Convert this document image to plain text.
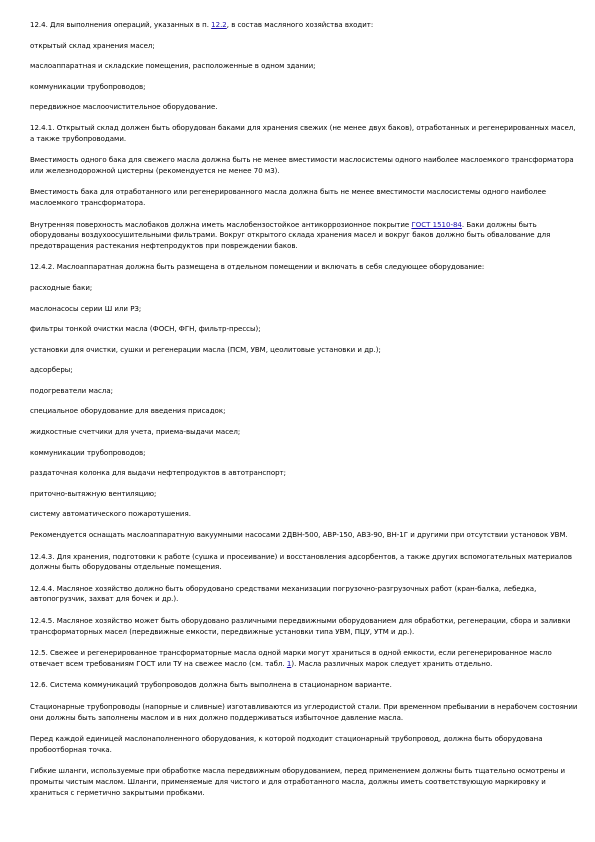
12.4. Для выполнения операций, указанных в п. 12.2, в состав масляного хозяйства входит:

открытый склад хранения масел;

маслоаппаратная и складские помещения, расположенные в одном здании;

коммуникации трубопроводов;

передвижное маслоочистительное оборудование.

12.4.1. Открытый склад должен быть оборудован баками для хранения свежих (не менее двух баков), отработанных и регенерированных масел, а также трубопроводами.

Вместимость одного бака для свежего масла должна быть не менее вместимости маслосистемы одного наиболее маслоемкого трансформатора или железнодорожной цистерны (рекомендуется не менее 70 м3).

Вместимость бака для отработанного или регенерированного масла должна быть не менее вместимости маслосистемы одного наиболее маслоемкого трансформатора.

Внутренняя поверхность маслобаков должна иметь маслобензостойкое антикоррозионное покрытие ГОСТ 1510-84. Баки должны быть оборудованы воздухоосушительными фильтрами. Вокруг открытого склада хранения масел и вокруг баков должно быть обвалование для предотвращения растекания нефтепродуктов при повреждении баков.

12.4.2. Маслоаппаратная должна быть размещена в отдельном помещении и включать в себя следующее оборудование:

расходные баки;

маслонасосы серии Ш или РЗ;

фильтры тонкой очистки масла (ФОСН, ФГН, фильтр-прессы);

установки для очистки, сушки и регенерации масла (ПСМ, УВМ, цеолитовые установки и др.);

адсорберы;

подогреватели масла;

специальное оборудование для введения присадок;

жидкостные счетчики для учета, приема-выдачи масел;

коммуникации трубопроводов;

раздаточная колонка для выдачи нефтепродуктов в автотранспорт;

приточно-вытяжную вентиляцию;

систему автоматического пожаротушения.

Рекомендуется оснащать маслоаппаратную вакуумными насосами 2ДВН-500, АВР-150, АВЗ-90, ВН-1Г и другими при отсутствии установок УВМ.

12.4.3. Для хранения, подготовки к работе (сушка и просеивание) и восстановления адсорбентов, а также других вспомогательных материалов должны быть оборудованы отдельные помещения.

12.4.4. Масляное хозяйство должно быть оборудовано средствами механизации погрузочно-разгрузочных работ (кран-балка, лебедка, автопогрузчик, захват для бочек и др.).

12.4.5. Масляное хозяйство может быть оборудовано различными передвижными оборудованием для обработки, регенерации, сбора и заливки трансформаторных масел (передвижные емкости, передвижные установки типа УВМ, ПЦУ, УТМ и др.).

12.5. Свежее и регенерированное трансформаторные масла одной марки могут храниться в одной емкости, если регенерированное масло отвечает всем требованиям ГОСТ или ТУ на свежее масло (см. табл. 1). Масла различных марок следует хранить отдельно.

12.6. Система коммуникаций трубопроводов должна быть выполнена в стационарном варианте.

Стационарные трубопроводы (напорные и сливные) изготавливаются из углеродистой стали. При временном пребывании в нерабочем состоянии они должны быть заполнены маслом и в них должно поддерживаться избыточное давление масла.

Перед каждой единицей маслонаполненного оборудования, к которой подходит стационарный трубопровод, должна быть оборудована пробоотборная точка.

Гибкие шланги, используемые при обработке масла передвижным оборудованием, перед применением должны быть тщательно осмотрены и промыты чистым маслом. Шланги, применяемые для чистого и для отработанного масла, должны иметь соответствующую маркировку и храниться с герметично закрытыми пробками.
